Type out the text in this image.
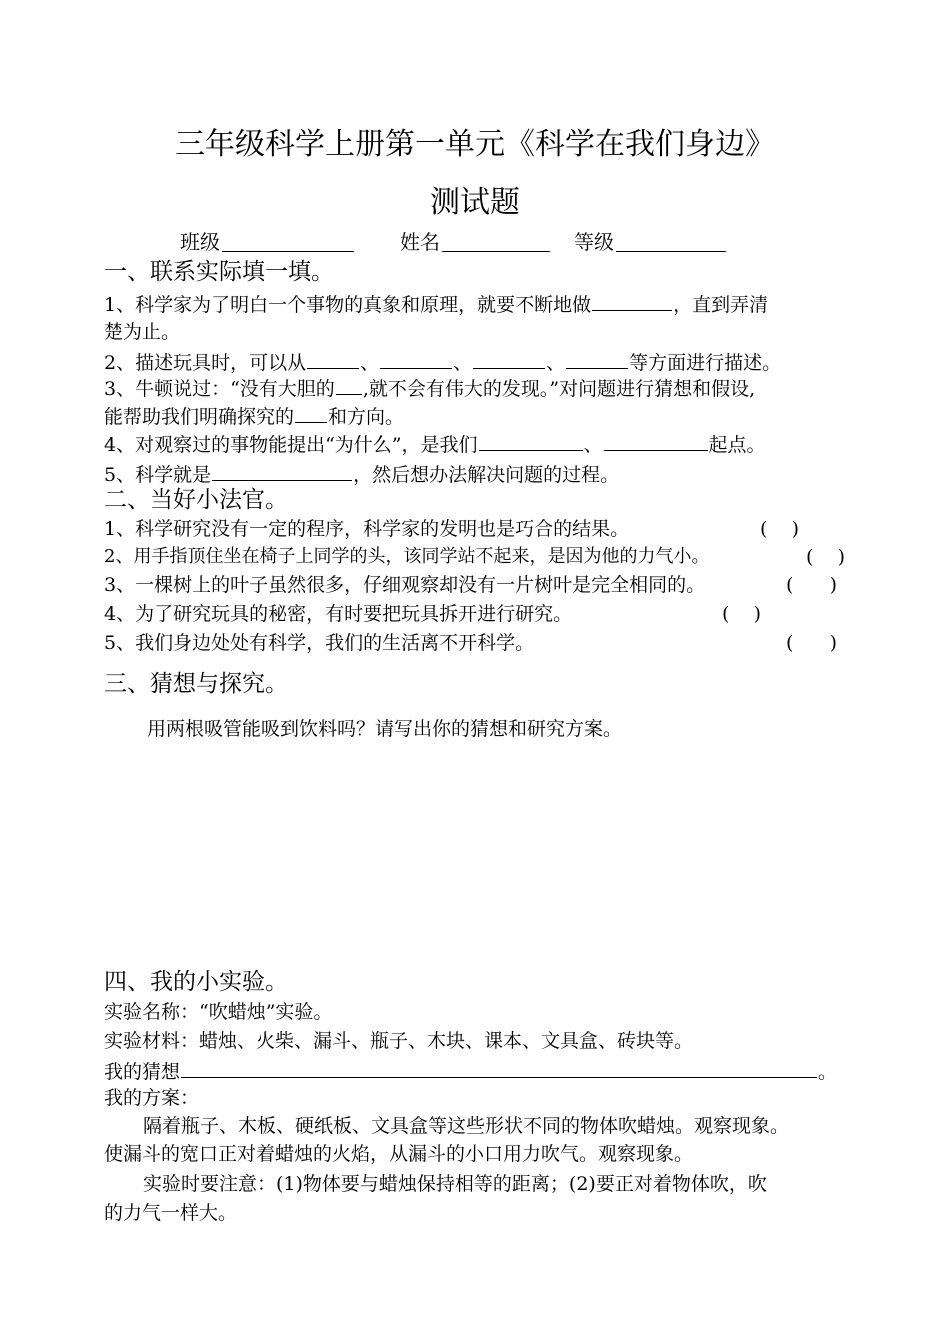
三年级科学上册第一单元《科学在我们身边》
测试题
班级	姓名	等级
一、联系实际填一填。
1、科学家为了明白一个事物的真象和原理，就要不断地做	，直到弄清
楚为止。
2、描述玩具时，可以从	、	、	、	等方面进行描述。
3、牛顿说过：“没有大胆的 ,就不会有伟大的发现。”对问题进行猜想和假设,
能帮助我们明确探究的 和方向。
4、对观察过的事物能提出“为什么”，是我们	、	起点。
5、科学就是	，然后想办法解决问题的过程。
二、当好小法官。
1、科学研究没有一定的程序，科学家的发明也是巧合的结果。	(    )
2、用手指顶住坐在椅子上同学的头，该同学站不起来，是因为他的力气小。	(    )
3、一棵树上的叶子虽然很多，仔细观察却没有一片树叶是完全相同的。	(      )
4、为了研究玩具的秘密，有时要把玩具拆开进行研究。	(    )
5、我们身边处处有科学，我们的生活离不开科学。	(      )
三、猜想与探究。
用两根吸管能吸到饮料吗？请写出你的猜想和研究方案。
四、我的小实验。
实验名称：“吹蜡烛”实验。
实验材料：蜡烛、火柴、漏斗、瓶子、木块、课本、文具盒、砖块等。
我的猜想	。
我的方案：
隔着瓶子、木板、硬纸板、文具盒等这些形状不同的物体吹蜡烛。观察现象。
使漏斗的宽口正对着蜡烛的火焰，从漏斗的小口用力吹气。观察现象。
实验时要注意：(1)物体要与蜡烛保持相等的距离；(2)要正对着物体吹，吹
的力气一样大。
